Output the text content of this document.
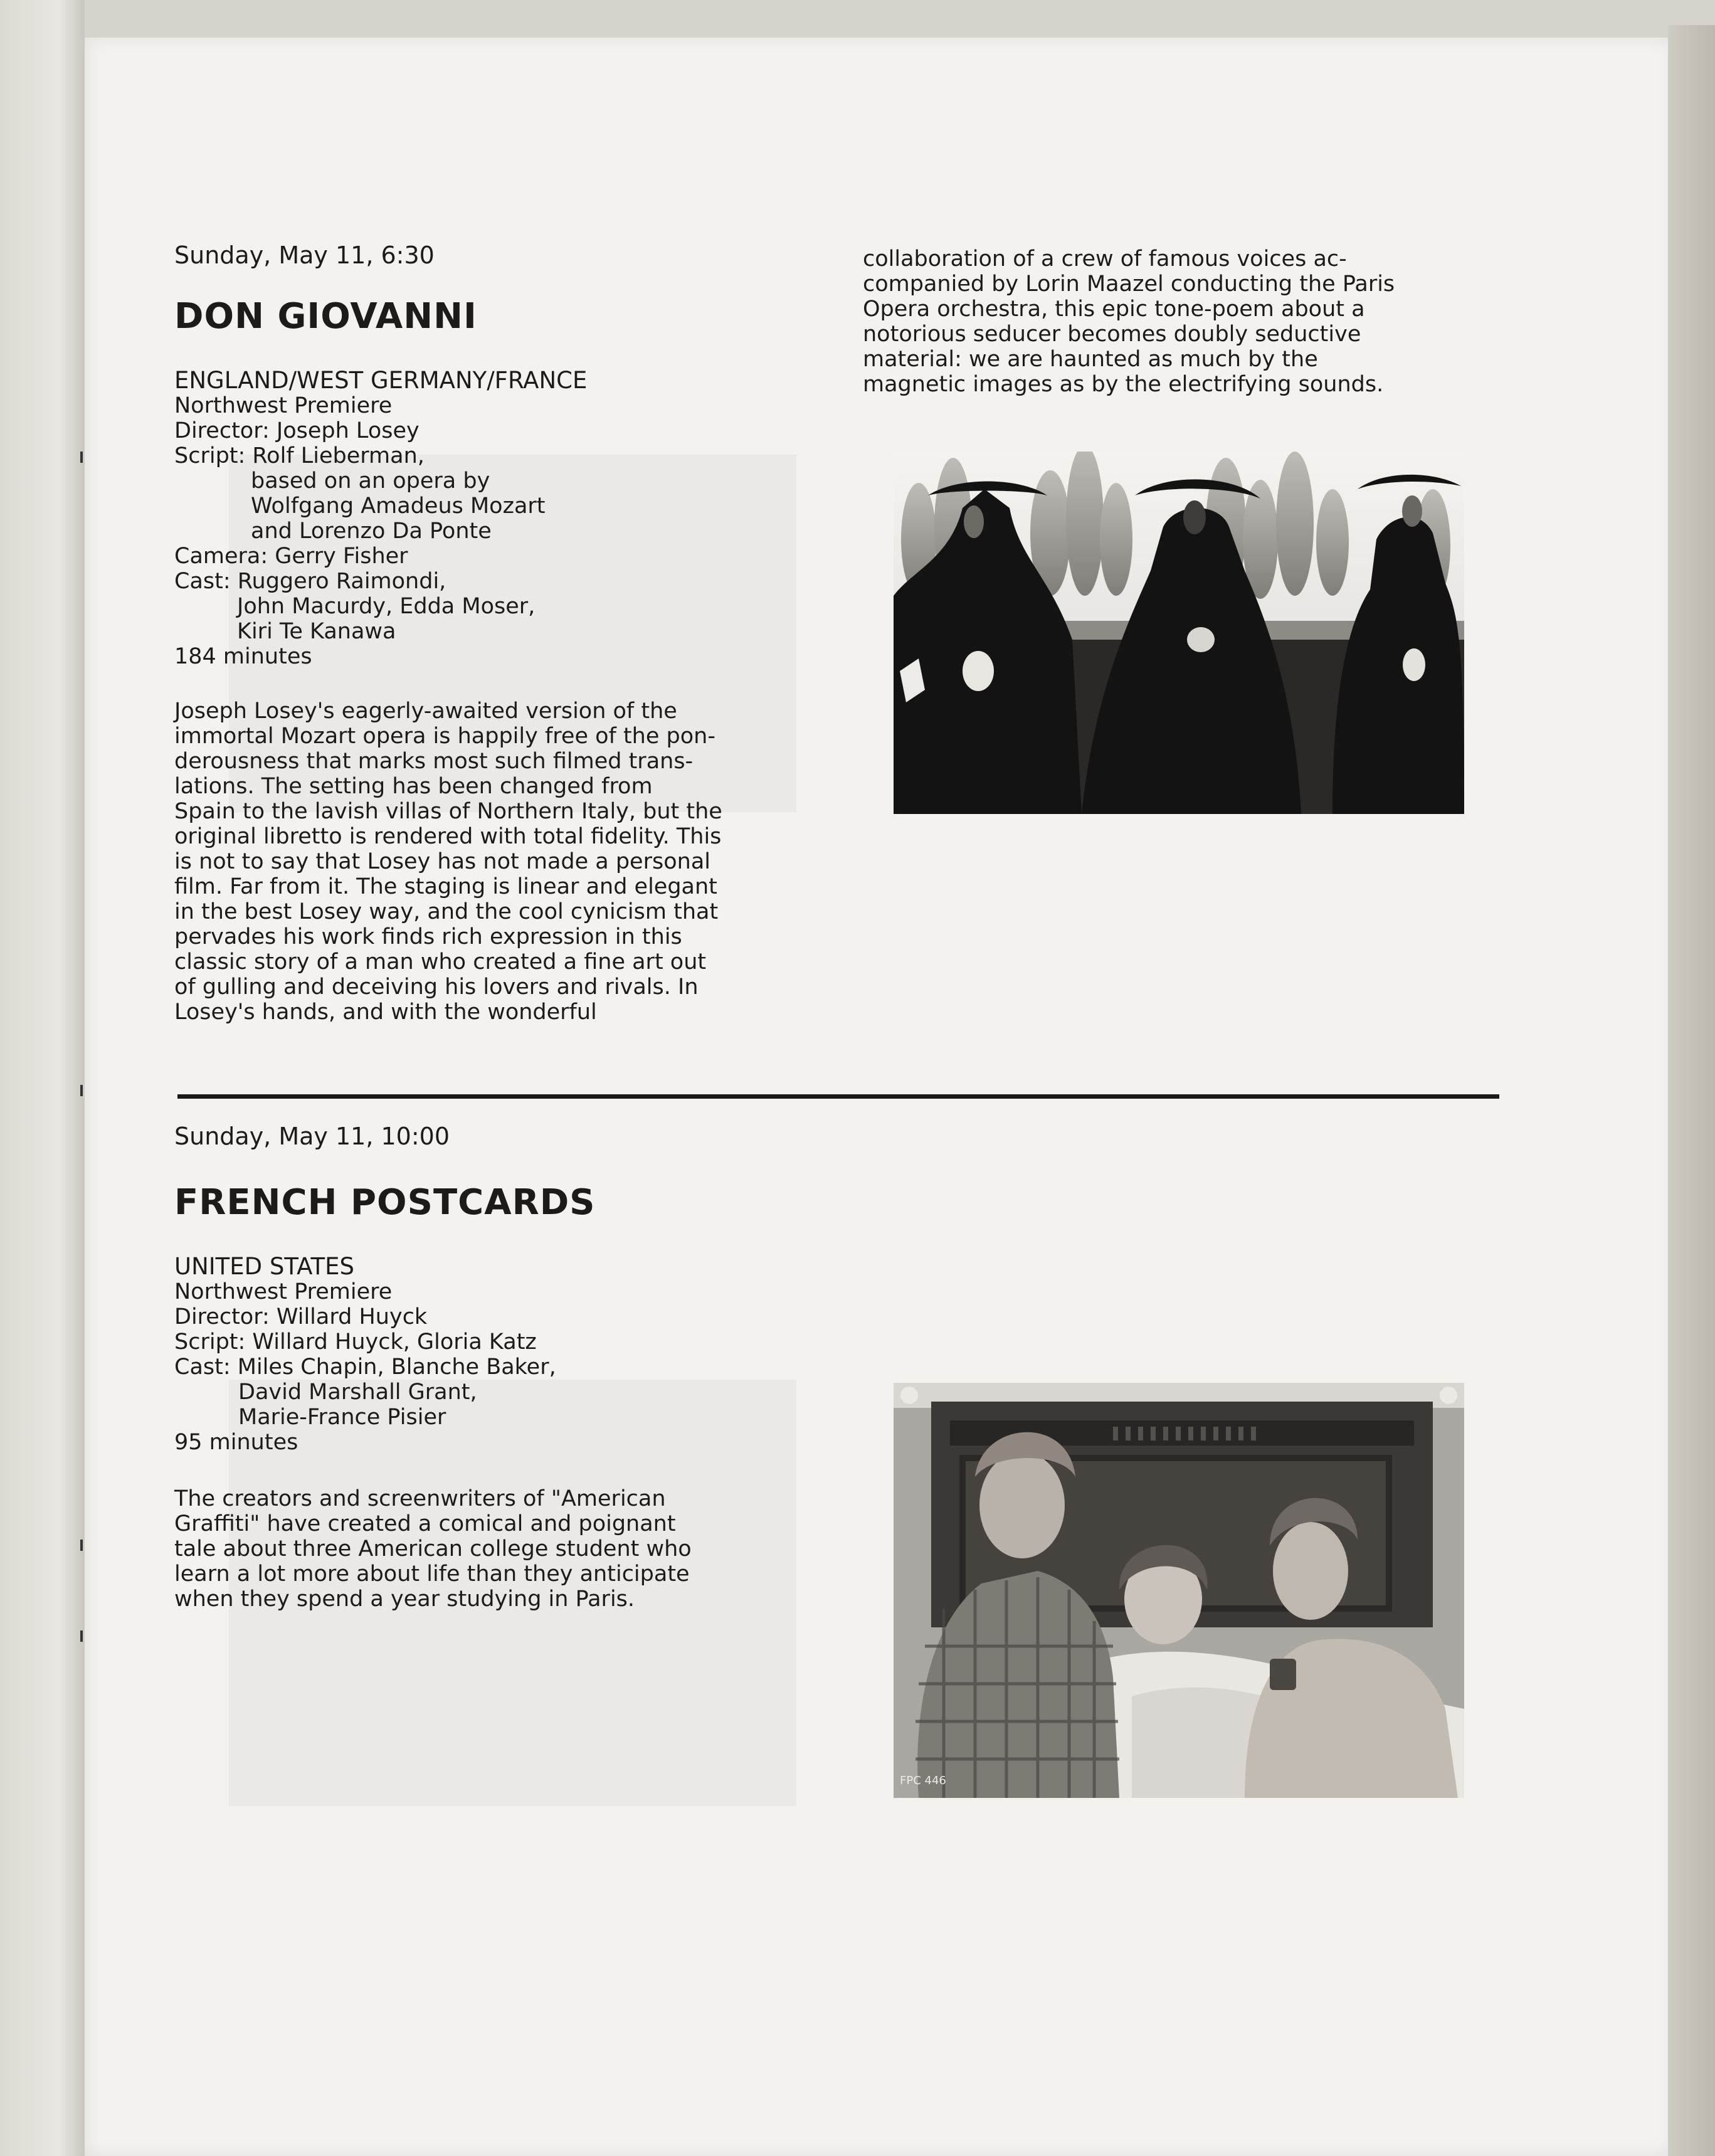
Sunday, May 11, 6:30
DON GIOVANNI
ENGLAND/WEST GERMANY/FRANCE
Northwest Premiere
Director: Joseph Losey
Script: Rolf Lieberman,
based on an opera by
Wolfgang Amadeus Mozart
and Lorenzo Da Ponte
Camera: Gerry Fisher
Cast: Ruggero Raimondi,
John Macurdy, Edda Moser,
Kiri Te Kanawa
184 minutes
Joseph Losey's eagerly-awaited version of the
immortal Mozart opera is happily free of the pon-
derousness that marks most such filmed trans-
lations. The setting has been changed from
Spain to the lavish villas of Northern Italy, but the
original libretto is rendered with total fidelity. This
is not to say that Losey has not made a personal
film. Far from it. The staging is linear and elegant
in the best Losey way, and the cool cynicism that
pervades his work finds rich expression in this
classic story of a man who created a fine art out
of gulling and deceiving his lovers and rivals. In
Losey's hands, and with the wonderful
collaboration of a crew of famous voices ac-
companied by Lorin Maazel conducting the Paris
Opera orchestra, this epic tone-poem about a
notorious seducer becomes doubly seductive
material: we are haunted as much by the
magnetic images as by the electrifying sounds.
Sunday, May 11, 10:00
FRENCH POSTCARDS
UNITED STATES
Northwest Premiere
Director: Willard Huyck
Script: Willard Huyck, Gloria Katz
Cast: Miles Chapin, Blanche Baker,
David Marshall Grant,
Marie-France Pisier
95 minutes
The creators and screenwriters of "American
Graffiti" have created a comical and poignant
tale about three American college student who
learn a lot more about life than they anticipate
when they spend a year studying in Paris.
FPC 446
